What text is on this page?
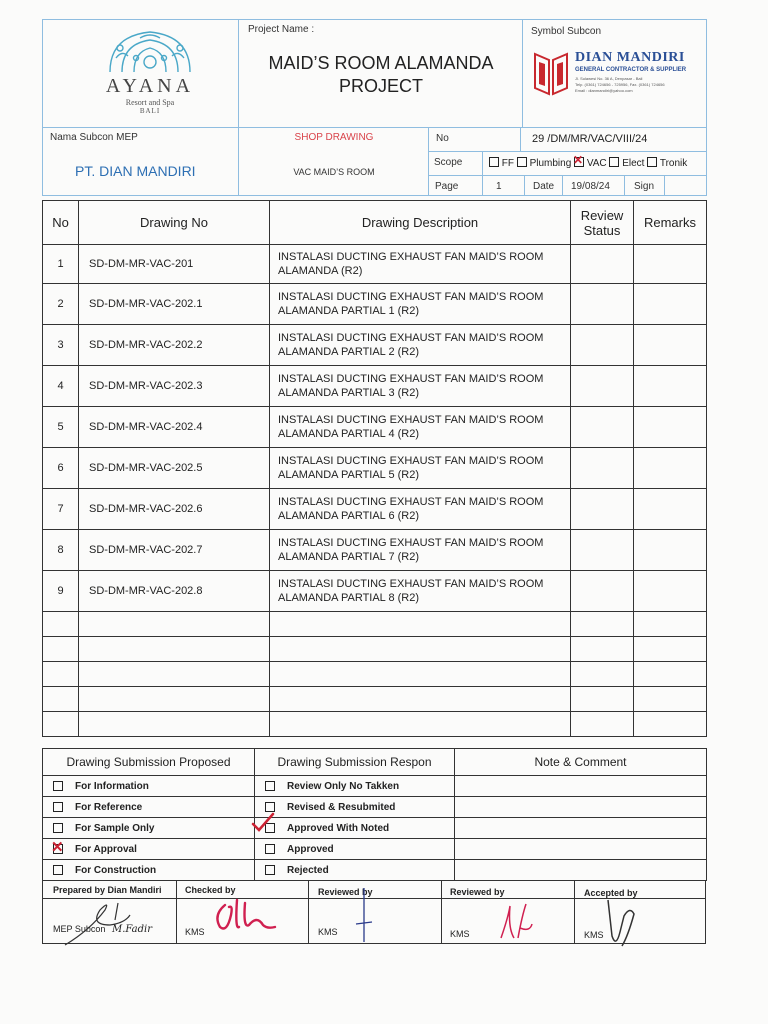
AYANA
Resort and Spa
BALI
Project Name :
MAID’S ROOM ALAMANDA
PROJECT
Symbol Subcon
DIAN MANDIRI
GENERAL CONTRACTOR & SUPPLIER
Jl. Sulawesi No. 36 A, Denpasar - Bali
Telp. (0361) 724656 - 725956, Fax. (0361) 724656
Email : dianmandiri@yahoo.com
Nama Subcon MEP
PT. DIAN MANDIRI
SHOP DRAWING
VAC MAID’S ROOM
No	29 /DM/MR/VAC/VIII/24
Scope	FF Plumbing ✕ VAC Elect Tronik
Page	1	Date 19/08/24 Sign
No	Drawing No	Drawing Description	Review Status	Remarks
1	SD-DM-MR-VAC-201	INSTALASI DUCTING EXHAUST FAN MAID’S ROOM
ALAMANDA (R2)		

2	SD-DM-MR-VAC-202.1	INSTALASI DUCTING EXHAUST FAN MAID’S ROOM
ALAMANDA PARTIAL 1 (R2)		

3	SD-DM-MR-VAC-202.2	INSTALASI DUCTING EXHAUST FAN MAID’S ROOM
ALAMANDA PARTIAL 2 (R2)		

4	SD-DM-MR-VAC-202.3	INSTALASI DUCTING EXHAUST FAN MAID’S ROOM
ALAMANDA PARTIAL 3 (R2)		

5	SD-DM-MR-VAC-202.4	INSTALASI DUCTING EXHAUST FAN MAID’S ROOM
ALAMANDA PARTIAL 4 (R2)		

6	SD-DM-MR-VAC-202.5	INSTALASI DUCTING EXHAUST FAN MAID’S ROOM
ALAMANDA PARTIAL 5 (R2)		

7	SD-DM-MR-VAC-202.6	INSTALASI DUCTING EXHAUST FAN MAID’S ROOM
ALAMANDA PARTIAL 6 (R2)		

8	SD-DM-MR-VAC-202.7	INSTALASI DUCTING EXHAUST FAN MAID’S ROOM
ALAMANDA PARTIAL 7 (R2)		

9	SD-DM-MR-VAC-202.8	INSTALASI DUCTING EXHAUST FAN MAID’S ROOM
ALAMANDA PARTIAL 8 (R2)		

Drawing Submission Proposed	Drawing Submission Respon	Note & Comment
For Information	Review Only No Takken	
For Reference	Revised & Resubmited	
For Sample Only	Approved With Noted

✕For Approval	Approved	
For Construction	Rejected	
Prepared by Dian Mandiri	Checked by	Reviewed by	Reviewed by	Accepted by
MEP Subcon M.Fadir	KMS	KMS	KMS	KMS
